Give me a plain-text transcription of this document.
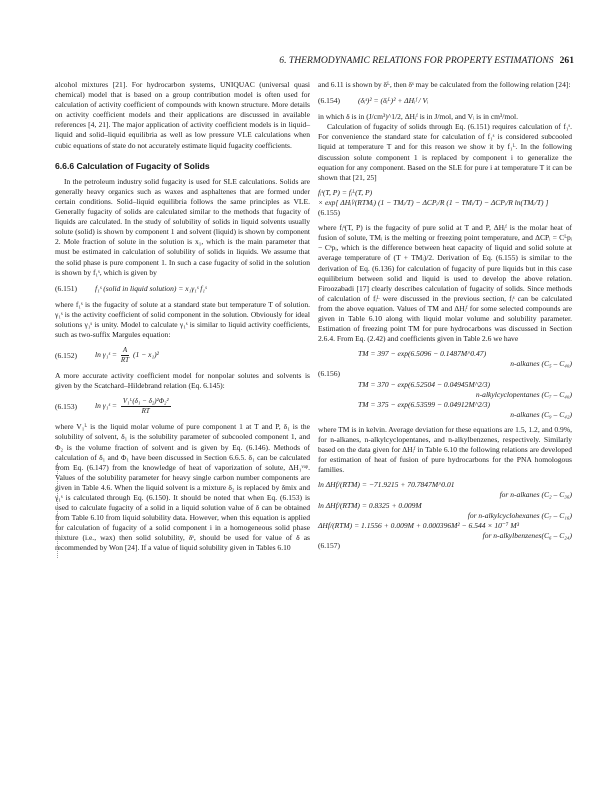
6. THERMODYNAMIC RELATIONS FOR PROPERTY ESTIMATIONS 261

alcohol mixtures [21]. For hydrocarbon systems, UNIQUAC (universal quasi chemical) model that is based on a group contribution model is often used for calculation of activity coefficient of compounds with known structure. More details on activity coefficient models and their applications are discussed in available references [4, 21]. The major application of activity coefficient models is in liquid–liquid and solid–liquid equilibria as well as low pressure VLE calculations when cubic equations of state do not accurately estimate liquid fugacity coefficients.

6.6.6 Calculation of Fugacity of Solids

In the petroleum industry solid fugacity is used for SLE calculations. Solids are generally heavy organics such as waxes and asphaltenes that are formed under certain conditions. Solid–liquid equilibria follows the same principles as VLE. Generally fugacity of solids are calculated similar to the methods that fugacity of liquids are calculated. In the study of solubility of solids in liquid solvents usually solute (solid) is shown by component 1 and solvent (liquid) is shown by component 2. Mole fraction of solute in the solution is x₁, which is the main parameter that must be estimated in calculation of solubility of solids in liquids. We assume that the solid phase is pure component 1. In such a case fugacity of solid in the solution is shown by f₁ˢ, which is given by

(6.151)	f₁ˢ (solid in liquid solution) = x₁γ₁ˢ f₁ˢ

where f₁ˢ is the fugacity of solute at a standard state but temperature T of solution. γ₁ˢ is the activity coefficient of solid component in the solution. Obviously for ideal solutions γ₁ˢ is unity. Model to calculate γ₁ˢ is similar to liquid activity coefficients, such as two-suffix Margules equation:

(6.152)	ln γ₁ˢ = $\frac{A}{RT} (1 - x_1)^2$

A more accurate activity coefficient model for nonpolar solutes and solvents is given by the Scatchard–Hildebrand relation (Eq. 6.145):

(6.153)	ln γ₁ˢ = $\frac{\text{V₁ᴸ(δ₁ − δ₂)²Φ₂²}}{RT}$

where V₁ᴸ is the liquid molar volume of pure component 1 at T and P, δ₁ is the solubility of solvent, δ₁ is the solubility parameter of subcooled component 1, and Φ₂ is the volume fraction of solvent and is given by Eq. (6.146). Methods of calculation of δ₁ and Φ₁ have been discussed in Section 6.6.5. δ₁ can be calculated from Eq. (6.147) from the knowledge of heat of vaporization of solute, ΔH₁ᵛᵃᵖ. Values of the solubility parameter for heavy single carbon number components are given in Table 4.6. When the liquid solvent is a mixture δ₂ is replaced by δmix and γ₁ˢ is calculated through Eq. (6.150). It should be noted that when Eq. (6.153) is used to calculate fugacity of a solid in a liquid solution value of δ can be obtained from Table 6.10 from liquid solubility data. However, when this equation is applied for calculation of fugacity of a solid component i in a homogeneous solid phase mixture (i.e., wax) then solid solubility, δˢ, should be used for value of δ as recommended by Won [24]. If a value of liquid solubility given in Tables 6.10

and 6.11 is shown by δᴸ, then δˢ may be calculated from the following relation [24]:

(6.154)	(δᵢˢ)² = (δᵢᴸ)² + ΔHᵢᶠ / Vᵢ

in which δ is in (J/cm³)^1/2, ΔHᵢᶠ is in J/mol, and Vᵢ is in cm³/mol.

Calculation of fugacity of solids through Eq. (6.151) requires calculation of f₁ˢ. For convenience the standard state for calculation of f₁ˢ is considered subcooled liquid at temperature T and for this reason we show it by f₁ᴸ. In the following discussion solute component 1 is replaced by component i to generalize the equation for any component. Based on the SLE for pure i at temperature T it can be shown that [21, 25]

fᵢˢ(T, P) = fᵢᴸ(T, P)
× exp[ ΔHᵢᶠ/(RTMᵢ) (1 − TMᵢ/T) − ΔCPᵢ/R (1 − TMᵢ/T) − ΔCPᵢ/R ln(TMᵢ/T) ]
(6.155)

where fᵢˢ(T, P) is the fugacity of pure solid at T and P, ΔHᵢᶠ is the molar heat of fusion of solute, TMᵢ is the melting or freezing point temperature, and ΔCPᵢ = Cᴸpᵢ − Cˢpᵢ, which is the difference between heat capacity of liquid and solid solute at average temperature of (T + TMᵢ)/2. Derivation of Eq. (6.155) is similar to the derivation of Eq. (6.136) for calculation of fugacity of pure liquids but in this case equilibrium between solid and liquid is used to develop the above relation. Firoozabadi [17] clearly describes calculation of fugacity of solids. Since methods of calculation of fᵢᴸ were discussed in the previous section, fᵢˢ can be calculated from the above equation. Values of TM and ΔHᵢᶠ for some selected compounds are given in Table 6.10 along with liquid molar volume and solubility parameter. Estimation of freezing point TM for pure hydrocarbons was discussed in Section 2.6.4. From Eq. (2.42) and coefficients given in Table 2.6 we have

TM = 397 − exp(6.5096 − 0.1487M^0.47)
n-alkanes (C₅ – C₄₀)
(6.156)
TM = 370 − exp(6.52504 − 0.04945M^2/3)
n-alkylcyclopentanes (C₇ – C₄₀)
TM = 375 − exp(6.53599 − 0.04912M^2/3)
n-alkanes (C₉ – C₄₂)

where TM is in kelvin. Average deviation for these equations are 1.5, 1.2, and 0.9%, for n-alkanes, n-alkylcyclopentanes, and n-alkylbenzenes, respectively. Similarly based on the data given for ΔHᵢᶠ in Table 6.10 the following relations are developed for estimation of heat of fusion of pure hydrocarbons for the PNA homologous families.

ln ΔHf/(RTM) = −71.9215 + 70.7847M^0.01
for n-alkanes (C₂ – C₃₆)
ln ΔHf/(RTM) = 0.8325 + 0.009M
for n-alkylcyclohexanes (C₇ – C₁₆)
ΔHf/(RTM) = 1.1556 + 0.009M + 0.000396M² − 6.544 × 10⁻⁷ M³
for n-alkylbenzenes(C₆ – C₂₄)
(6.157)
